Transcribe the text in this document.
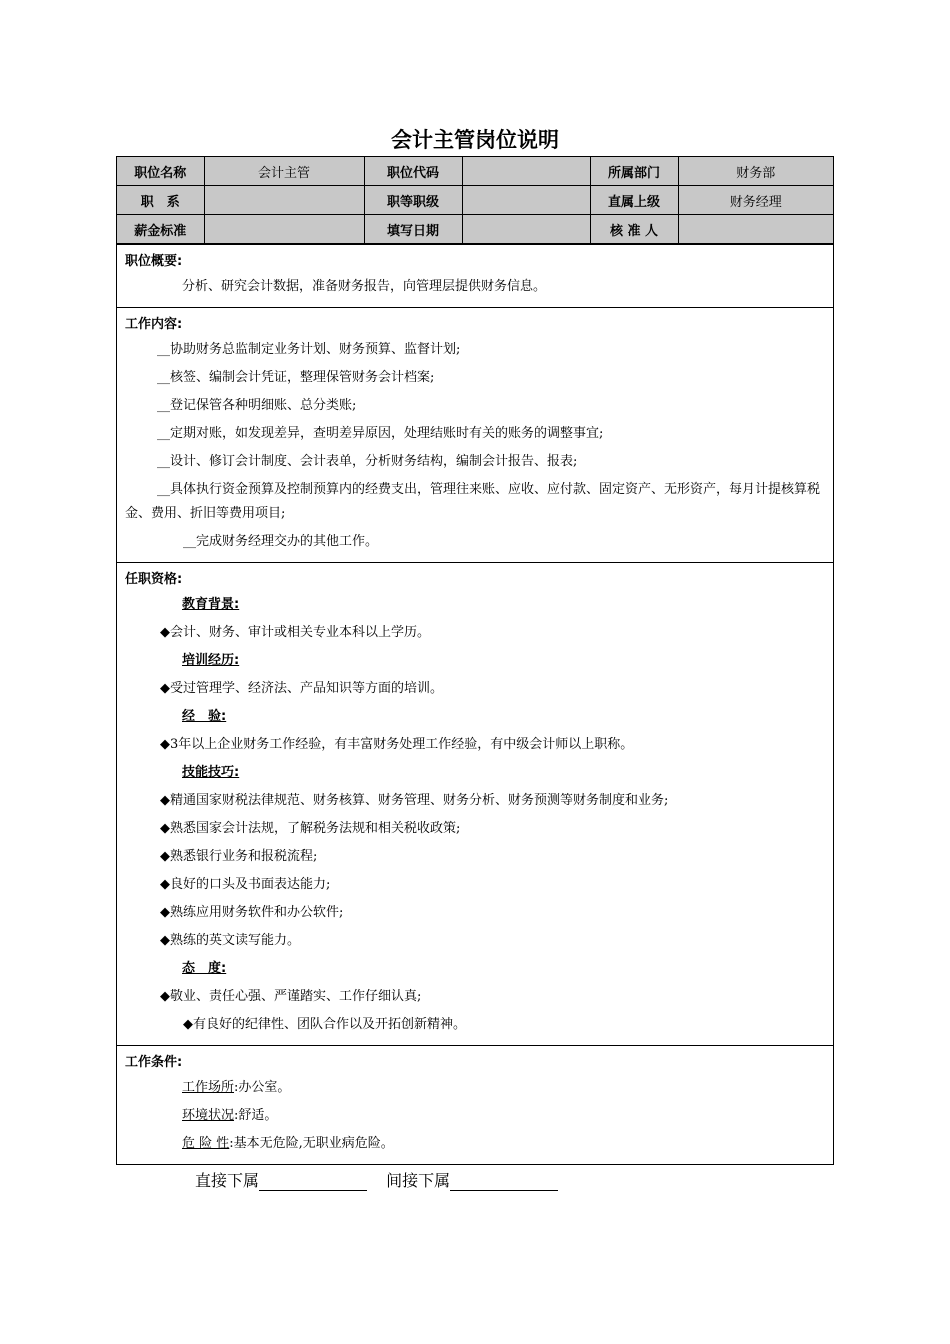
会计主管岗位说明
职位名称	会计主管	职位代码		所属部门	财务部
职　系		职等职级		直属上级	财务经理
薪金标准		填写日期		核 准 人	
职位概要:
分析、研究会计数据，准备财务报告，向管理层提供财务信息。
工作内容:
__协助财务总监制定业务计划、财务预算、监督计划;
__核签、编制会计凭证，整理保管财务会计档案;
__登记保管各种明细账、总分类账;
__定期对账，如发现差异，查明差异原因，处理结账时有关的账务的调整事宜;
__设计、修订会计制度、会计表单，分析财务结构，编制会计报告、报表;
__具体执行资金预算及控制预算内的经费支出，管理往来账、应收、应付款、固定资产、无形资产，每月计提核算税金、费用、折旧等费用项目;
__完成财务经理交办的其他工作。
任职资格:
教育背景:
◆会计、财务、审计或相关专业本科以上学历。
培训经历:
◆受过管理学、经济法、产品知识等方面的培训。
经　验:
◆3年以上企业财务工作经验，有丰富财务处理工作经验，有中级会计师以上职称。
技能技巧:
◆精通国家财税法律规范、财务核算、财务管理、财务分析、财务预测等财务制度和业务;
◆熟悉国家会计法规，了解税务法规和相关税收政策;
◆熟悉银行业务和报税流程;
◆良好的口头及书面表达能力;
◆熟练应用财务软件和办公软件;
◆熟练的英文读写能力。
态　度:
◆敬业、责任心强、严谨踏实、工作仔细认真;
◆有良好的纪律性、团队合作以及开拓创新精神。
工作条件:
工作场所:办公室。
环境状况:舒适。
危 险 性:基本无危险,无职业病危险。
直接下属	间接下属
